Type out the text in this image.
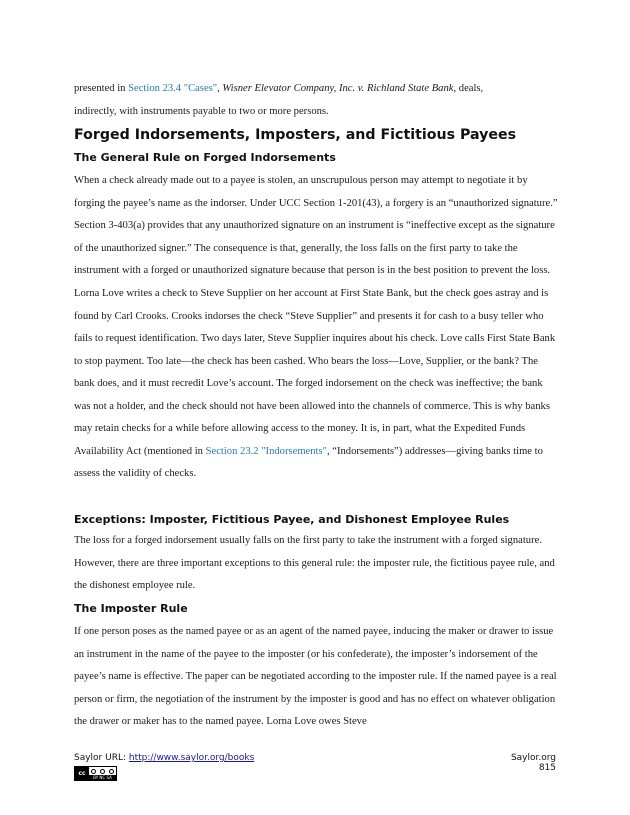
presented in Section 23.4 "Cases", Wisner Elevator Company, Inc. v. Richland State Bank, deals,
indirectly, with instruments payable to two or more persons.

Forged Indorsements, Imposters, and Fictitious Payees
The General Rule on Forged Indorsements

When a check already made out to a payee is stolen, an unscrupulous person may attempt to negotiate it by forging the payee’s name as the indorser. Under UCC Section 1-201(43), a forgery is an “unauthorized signature.” Section 3-403(a) provides that any unauthorized signature on an instrument is “ineffective except as the signature of the unauthorized signer.” The consequence is that, generally, the loss falls on the first party to take the instrument with a forged or unauthorized signature because that person is in the best position to prevent the loss.

Lorna Love writes a check to Steve Supplier on her account at First State Bank, but the check goes astray and is found by Carl Crooks. Crooks indorses the check “Steve Supplier” and presents it for cash to a busy teller who fails to request identification. Two days later, Steve Supplier inquires about his check. Love calls First State Bank to stop payment. Too late—the check has been cashed. Who bears the loss—Love, Supplier, or the bank? The bank does, and it must recredit Love’s account. The forged indorsement on the check was ineffective; the bank was not a holder, and the check should not have been allowed into the channels of commerce. This is why banks may retain checks for a while before allowing access to the money. It is, in part, what the Expedited Funds Availability Act (mentioned in Section 23.2 "Indorsements", “Indorsements”) addresses—giving banks time to assess the validity of checks.

Exceptions: Imposter, Fictitious Payee, and Dishonest Employee Rules

The loss for a forged indorsement usually falls on the first party to take the instrument with a forged signature. However, there are three important exceptions to this general rule: the imposter rule, the fictitious payee rule, and the dishonest employee rule.

The Imposter Rule

If one person poses as the named payee or as an agent of the named payee, inducing the maker or drawer to issue an instrument in the name of the payee to the imposter (or his confederate), the imposter’s indorsement of the payee’s name is effective. The paper can be negotiated according to the imposter rule. If the named payee is a real person or firm, the negotiation of the instrument by the imposter is good and has no effect on whatever obligation the drawer or maker has to the named payee. Lorna Love owes Steve

Saylor URL: http://www.saylor.org/books
cc
BY NC SA
Saylor.org
815
